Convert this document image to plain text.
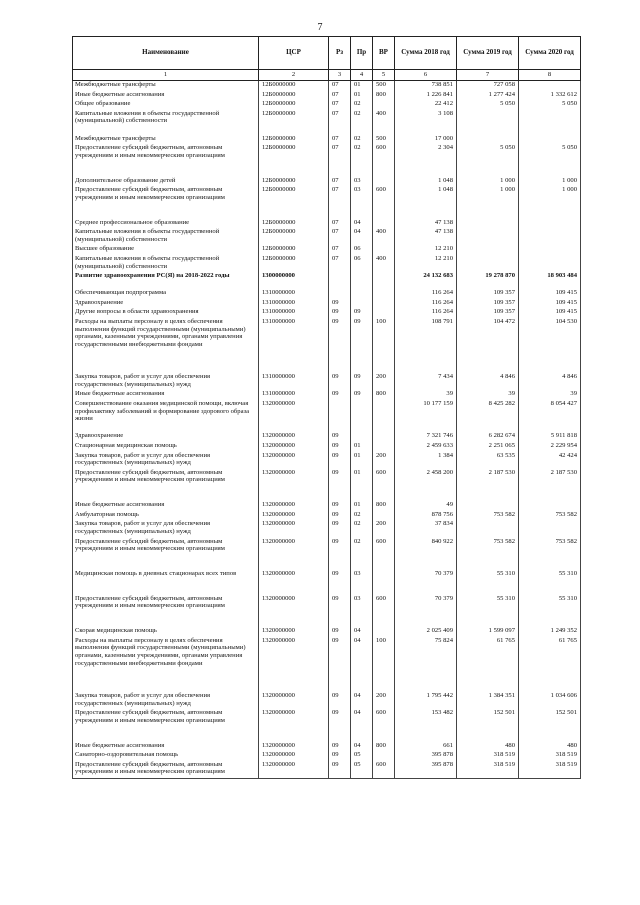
7
Наименование	ЦСР	Рз	Пр	ВР	Сумма 2018 год	Сумма 2019 год	Сумма 2020 год
1	2	3	4	5	6	7	8
Межбюджетные трансферты	12Б0000000	07	01	500	738 851	727 058	
Иные бюджетные ассигнования	12Б0000000	07	01	800	1 226 841	1 277 424	1 332 612
Общее образование	12Б0000000	07	02		22 412	5 050	5 050
Капитальные вложения в объекты государственной (муниципальной) собственности	12Б0000000	07	02	400	3 108		
Межбюджетные трансферты	12Б0000000	07	02	500	17 000		
Предоставление субсидий бюджетным, автономным учреждениям и иным некоммерческим организациям	12Б0000000	07	02	600	2 304	5 050	5 050
Дополнительное образование детей	12Б0000000	07	03		1 048	1 000	1 000
Предоставление субсидий бюджетным, автономным учреждениям и иным некоммерческим организациям	12Б0000000	07	03	600	1 048	1 000	1 000
Среднее профессиональное образование	12Б0000000	07	04		47 138		
Капитальные вложения в объекты государственной (муниципальной) собственности	12Б0000000	07	04	400	47 138		
Высшее образование	12Б0000000	07	06		12 210		
Капитальные вложения в объекты государственной (муниципальной) собственности	12Б0000000	07	06	400	12 210		
Развитие здравоохранения РС(Я) на 2018-2022 годы	1300000000				24 132 683	19 278 870	18 903 484
Обеспечивающая подпрограмма	1310000000				116 264	109 357	109 415
Здравоохранение	1310000000	09			116 264	109 357	109 415
Другие вопросы в области здравоохранения	1310000000	09	09		116 264	109 357	109 415
Расходы на выплаты персоналу в целях обеспечения выполнения функций государственными (муниципальными) органами, казенными учреждениями, органами управления государственными внебюджетными фондами	1310000000	09	09	100	108 791	104 472	104 530
Закупка товаров, работ и услуг для обеспечения государственных (муниципальных) нужд	1310000000	09	09	200	7 434	4 846	4 846
Иные бюджетные ассигнования	1310000000	09	09	800	39	39	39
Совершенствование оказания медицинской помощи, включая профилактику заболеваний и формирование здорового образа жизни	1320000000				10 177 159	8 425 282	8 054 427
Здравоохранение	1320000000	09			7 321 746	6 282 674	5 911 818
Стационарная медицинская помощь	1320000000	09	01		2 459 633	2 251 065	2 229 954
Закупка товаров, работ и услуг для обеспечения государственных (муниципальных) нужд	1320000000	09	01	200	1 384	63 535	42 424
Предоставление субсидий бюджетным, автономным учреждениям и иным некоммерческим организациям	1320000000	09	01	600	2 458 200	2 187 530	2 187 530
Иные бюджетные ассигнования	1320000000	09	01	800	49		
Амбулаторная помощь	1320000000	09	02		878 756	753 582	753 582
Закупка товаров, работ и услуг для обеспечения государственных (муниципальных) нужд	1320000000	09	02	200	37 834		
Предоставление субсидий бюджетным, автономным учреждениям и иным некоммерческим организациям	1320000000	09	02	600	840 922	753 582	753 582
Медицинская помощь в дневных стационарах всех типов	1320000000	09	03		70 379	55 310	55 310
Предоставление субсидий бюджетным, автономным учреждениям и иным некоммерческим организациям	1320000000	09	03	600	70 379	55 310	55 310
Скорая медицинская помощь	1320000000	09	04		2 025 409	1 599 097	1 249 352
Расходы на выплаты персоналу в целях обеспечения выполнения функций государственными (муниципальными) органами, казенными учреждениями, органами управления государственными внебюджетными фондами	1320000000	09	04	100	75 824	61 765	61 765
Закупка товаров, работ и услуг для обеспечения государственных (муниципальных) нужд	1320000000	09	04	200	1 795 442	1 384 351	1 034 606
Предоставление субсидий бюджетным, автономным учреждениям и иным некоммерческим организациям	1320000000	09	04	600	153 482	152 501	152 501
Иные бюджетные ассигнования	1320000000	09	04	800	661	480	480
Санаторно-оздоровительная помощь	1320000000	09	05		395 878	318 519	318 519
Предоставление субсидий бюджетным, автономным учреждениям и иным некоммерческим организациям	1320000000	09	05	600	395 878	318 519	318 519
